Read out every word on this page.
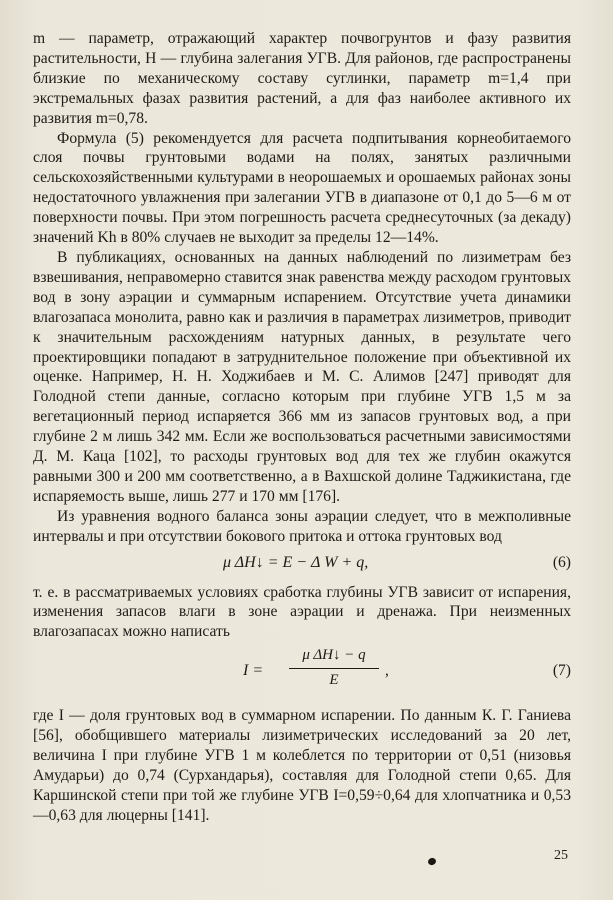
m — параметр, отражающий характер почвогрунтов и фазу развития растительности, H — глубина залегания УГВ. Для районов, где распространены близкие по механическому составу суглинки, параметр m=1,4 при экстремальных фазах развития растений, а для фаз наиболее активного их развития m=0,78.

Формула (5) рекомендуется для расчета подпитывания корнеобитаемого слоя почвы грунтовыми водами на полях, занятых различными сельскохозяйственными культурами в неорошаемых и орошаемых районах зоны недостаточного увлажнения при залегании УГВ в диапазоне от 0,1 до 5—6 м от поверхности почвы. При этом погрешность расчета среднесуточных (за декаду) значений Kh в 80% случаев не выходит за пределы 12—14%.

В публикациях, основанных на данных наблюдений по лизиметрам без взвешивания, неправомерно ставится знак равенства между расходом грунтовых вод в зону аэрации и суммарным испарением. Отсутствие учета динамики влагозапаса монолита, равно как и различия в параметрах лизиметров, приводит к значительным расхождениям натурных данных, в результате чего проектировщики попадают в затруднительное положение при объективной их оценке. Например, Н. Н. Ходжибаев и М. С. Алимов [247] приводят для Голодной степи данные, согласно которым при глубине УГВ 1,5 м за вегетационный период испаряется 366 мм из запасов грунтовых вод, а при глубине 2 м лишь 342 мм. Если же воспользоваться расчетными зависимостями Д. М. Каца [102], то расходы грунтовых вод для тех же глубин окажутся равными 300 и 200 мм соответственно, а в Вахшской долине Таджикистана, где испаряемость выше, лишь 277 и 170 мм [176].

Из уравнения водного баланса зоны аэрации следует, что в межполивные интервалы и при отсутствии бокового притока и оттока грунтовых вод

μ ΔH↓ = E − Δ W + q,	(6)

т. е. в рассматриваемых условиях сработка глубины УГВ зависит от испарения, изменения запасов влаги в зоне аэрации и дренажа. При неизменных влагозапасах можно написать

$I = \frac{\text{μ ΔH↓ − q}}{E}$ ,	(7)

где I — доля грунтовых вод в суммарном испарении. По данным К. Г. Ганиева [56], обобщившего материалы лизиметрических исследований за 20 лет, величина I при глубине УГВ 1 м колеблется по территории от 0,51 (низовья Амударьи) до 0,74 (Сурхандарья), составляя для Голодной степи 0,65. Для Каршинской степи при той же глубине УГВ I=0,59÷0,64 для хлопчатника и 0,53—0,63 для люцерны [141].

25
